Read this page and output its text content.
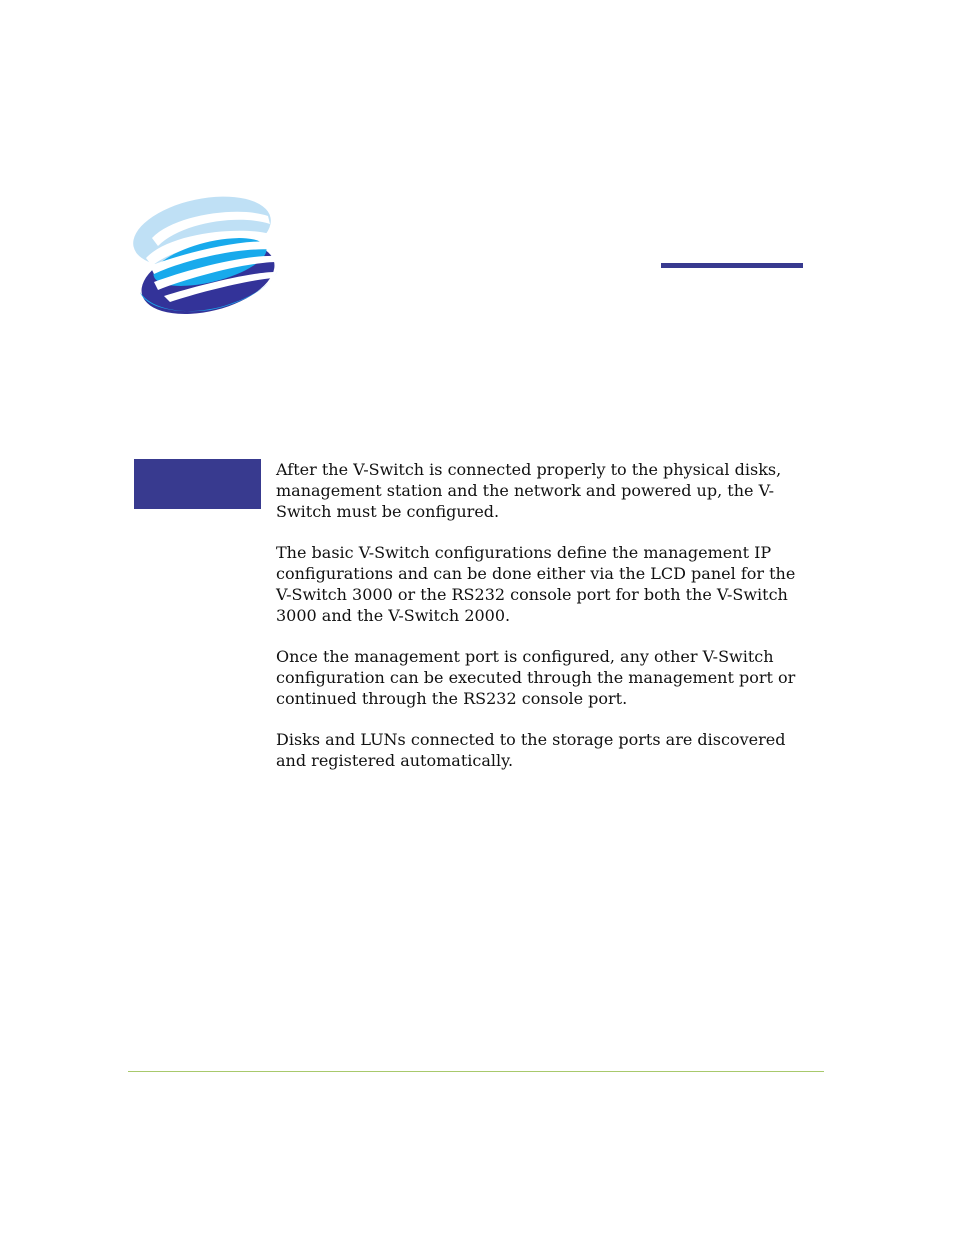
After the V-Switch is connected properly to the physical disks, management station and the network and powered up, the V-Switch must be configured.

The basic V-Switch configurations define the management IP configurations and can be done either via the LCD panel for the V-Switch 3000 or the RS232 console port for both the V-Switch 3000 and the V-Switch 2000.

Once the management port is configured, any other V-Switch configuration can be executed through the management port or continued through the RS232 console port.

Disks and LUNs connected to the storage ports are discovered and registered automatically.
